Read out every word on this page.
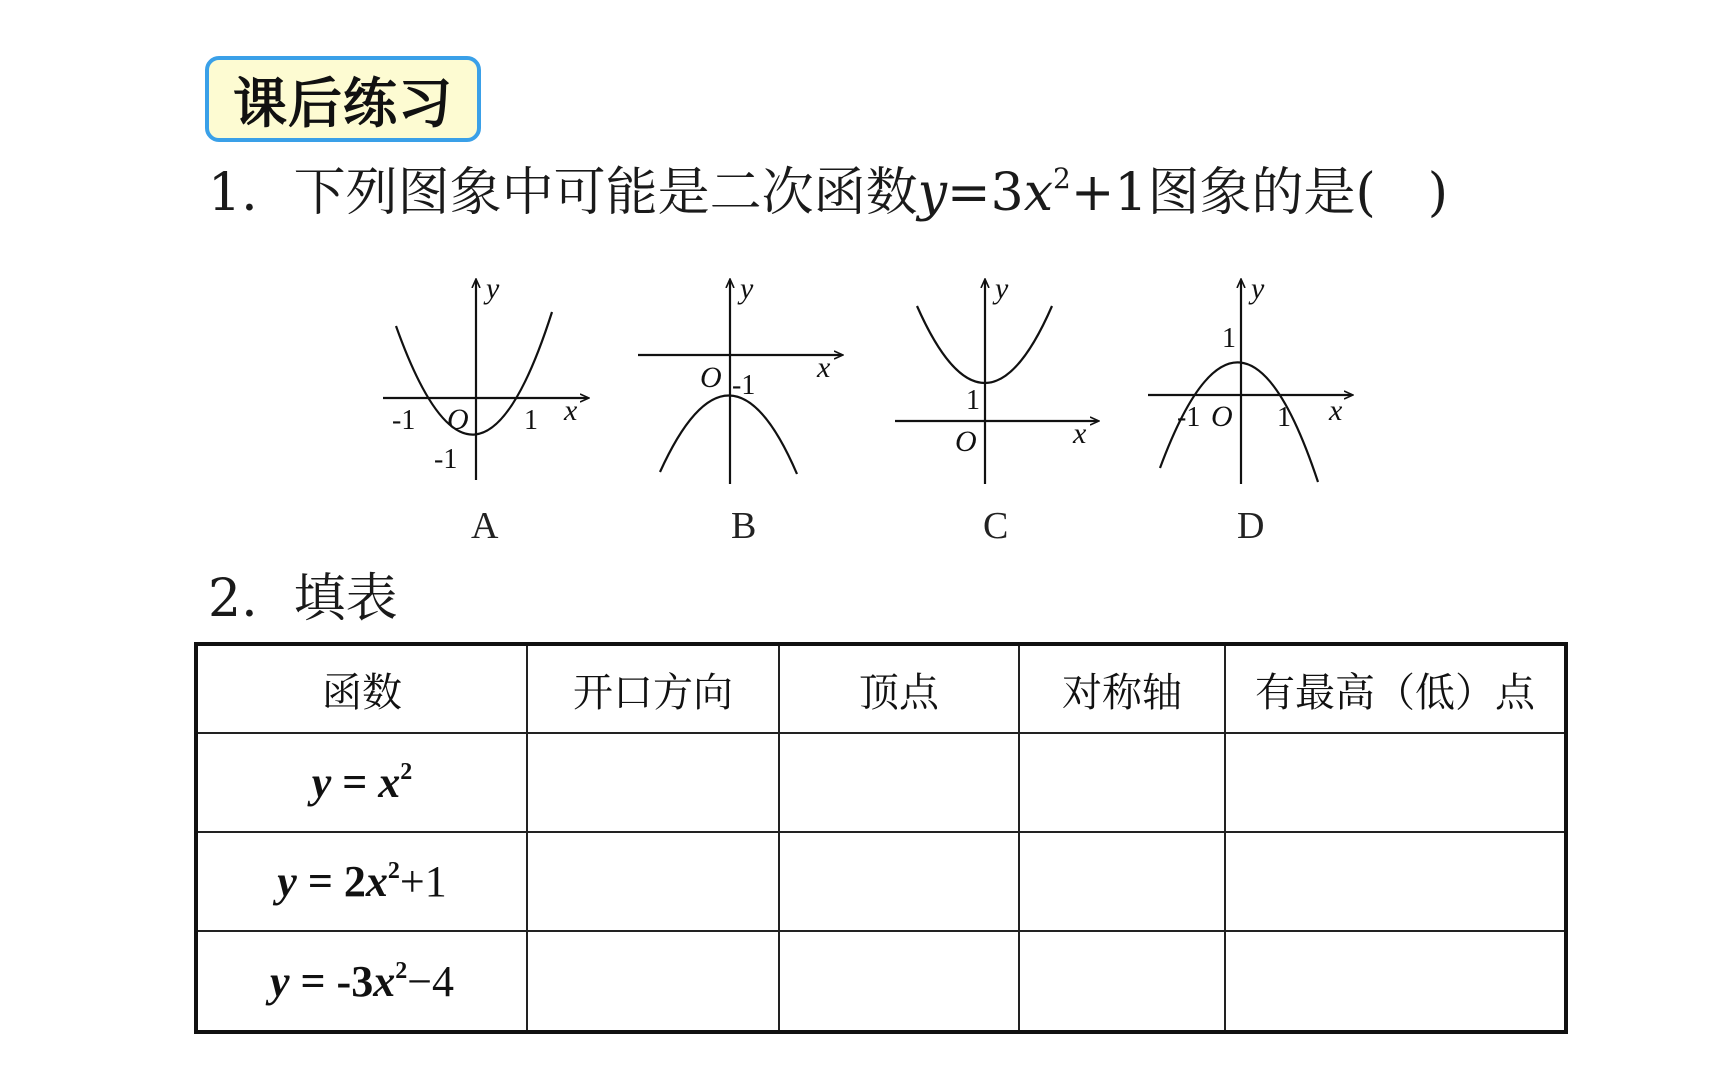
课后练习
1. 下列图象中可能是二次函数$y=3x^2+1$图象的是( )
y
x
O
-1	1
-1
A
y
x
O -1
B
y
x
O
1
C
y
x
O
1
-1	1
D
2. 填表
函数	开口方向	顶点	对称轴	有最高（低）点
$y = x^2$				
$y = 2x^2+1$				
$y = -3x^2-4$				
